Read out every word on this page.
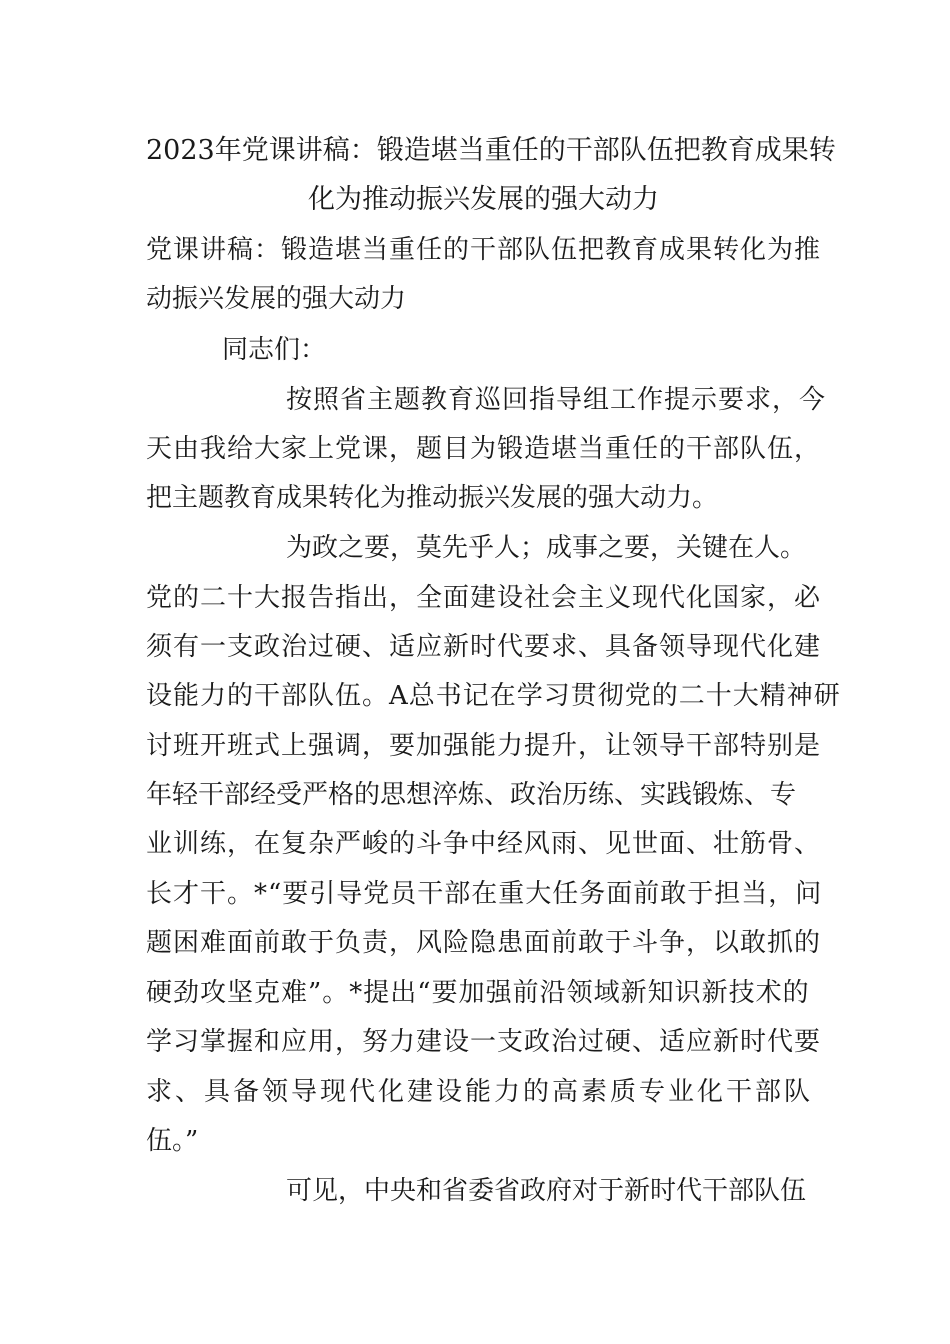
2023年党课讲稿：锻造堪当重任的干部队伍把教育成果转
化为推动振兴发展的强大动力
党课讲稿：锻造堪当重任的干部队伍把教育成果转化为推
动振兴发展的强大动力
同志们：
按照省主题教育巡回指导组工作提示要求，今
天由我给大家上党课，题目为锻造堪当重任的干部队伍，
把主题教育成果转化为推动振兴发展的强大动力。
为政之要，莫先乎人；成事之要，关键在人。
党的二十大报告指出，全面建设社会主义现代化国家，必
须有一支政治过硬、适应新时代要求、具备领导现代化建
设能力的干部队伍。A总书记在学习贯彻党的二十大精神研
讨班开班式上强调，要加强能力提升，让领导干部特别是
年轻干部经受严格的思想淬炼、政治历练、实践锻炼、专
业训练，在复杂严峻的斗争中经风雨、见世面、壮筋骨、
长才干。*“要引导党员干部在重大任务面前敢于担当，问
题困难面前敢于负责，风险隐患面前敢于斗争，以敢抓的
硬劲攻坚克难”。*提出“要加强前沿领域新知识新技术的
学习掌握和应用，努力建设一支政治过硬、适应新时代要
求、具备领导现代化建设能力的高素质专业化干部队
伍。”
可见，中央和省委省政府对于新时代干部队伍
